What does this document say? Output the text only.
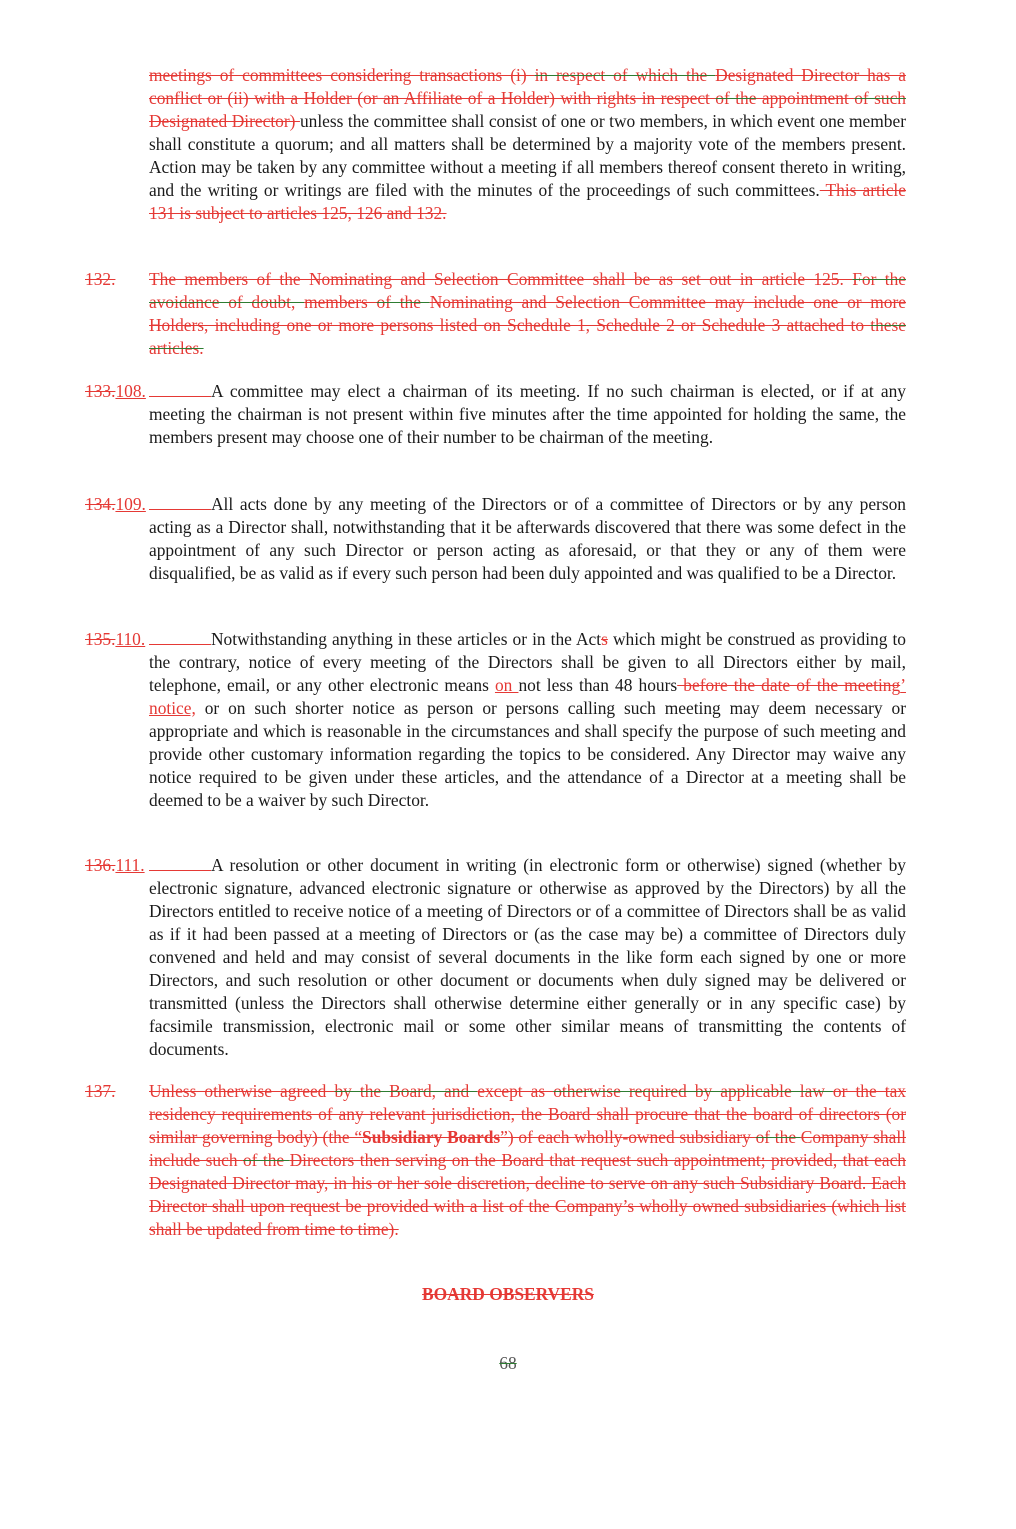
meetings of committees considering transactions (i) in respect of which the Designated Director has a conflict or (ii) with a Holder (or an Affiliate of a Holder) with rights in respect of the appointment of such Designated Director) unless the committee shall consist of one or two members, in which event one member shall constitute a quorum; and all matters shall be determined by a majority vote of the members present. Action may be taken by any committee without a meeting if all members thereof consent thereto in writing, and the writing or writings are filed with the minutes of the proceedings of such committees. This article 131 is subject to articles 125, 126 and 132.
132. The members of the Nominating and Selection Committee shall be as set out in article 125. For the avoidance of doubt, members of the Nominating and Selection Committee may include one or more Holders, including one or more persons listed on Schedule 1, Schedule 2 or Schedule 3 attached to these articles.
133.108.	A committee may elect a chairman of its meeting. If no such chairman is elected, or if at any meeting the chairman is not present within five minutes after the time appointed for holding the same, the members present may choose one of their number to be chairman of the meeting.
134.109.	All acts done by any meeting of the Directors or of a committee of Directors or by any person acting as a Director shall, notwithstanding that it be afterwards discovered that there was some defect in the appointment of any such Director or person acting as aforesaid, or that they or any of them were disqualified, be as valid as if every such person had been duly appointed and was qualified to be a Director.
135.110.	Notwithstanding anything in these articles or in the Acts which might be construed as providing to the contrary, notice of every meeting of the Directors shall be given to all Directors either by mail, telephone, email, or any other electronic means on not less than 48 hours before the date of the meeting’ notice, or on such shorter notice as person or persons calling such meeting may deem necessary or appropriate and which is reasonable in the circumstances and shall specify the purpose of such meeting and provide other customary information regarding the topics to be considered. Any Director may waive any notice required to be given under these articles, and the attendance of a Director at a meeting shall be deemed to be a waiver by such Director.
136.111.	A resolution or other document in writing (in electronic form or otherwise) signed (whether by electronic signature, advanced electronic signature or otherwise as approved by the Directors) by all the Directors entitled to receive notice of a meeting of Directors or of a committee of Directors shall be as valid as if it had been passed at a meeting of Directors or (as the case may be) a committee of Directors duly convened and held and may consist of several documents in the like form each signed by one or more Directors, and such resolution or other document or documents when duly signed may be delivered or transmitted (unless the Directors shall otherwise determine either generally or in any specific case) by facsimile transmission, electronic mail or some other similar means of transmitting the contents of documents.
137. Unless otherwise agreed by the Board, and except as otherwise required by applicable law or the tax residency requirements of any relevant jurisdiction, the Board shall procure that the board of directors (or similar governing body) (the “Subsidiary Boards”) of each wholly-owned subsidiary of the Company shall include such of the Directors then serving on the Board that request such appointment; provided, that each Designated Director may, in his or her sole discretion, decline to serve on any such Subsidiary Board. Each Director shall upon request be provided with a list of the Company’s wholly owned subsidiaries (which list shall be updated from time to time).
BOARD OBSERVERS
68
